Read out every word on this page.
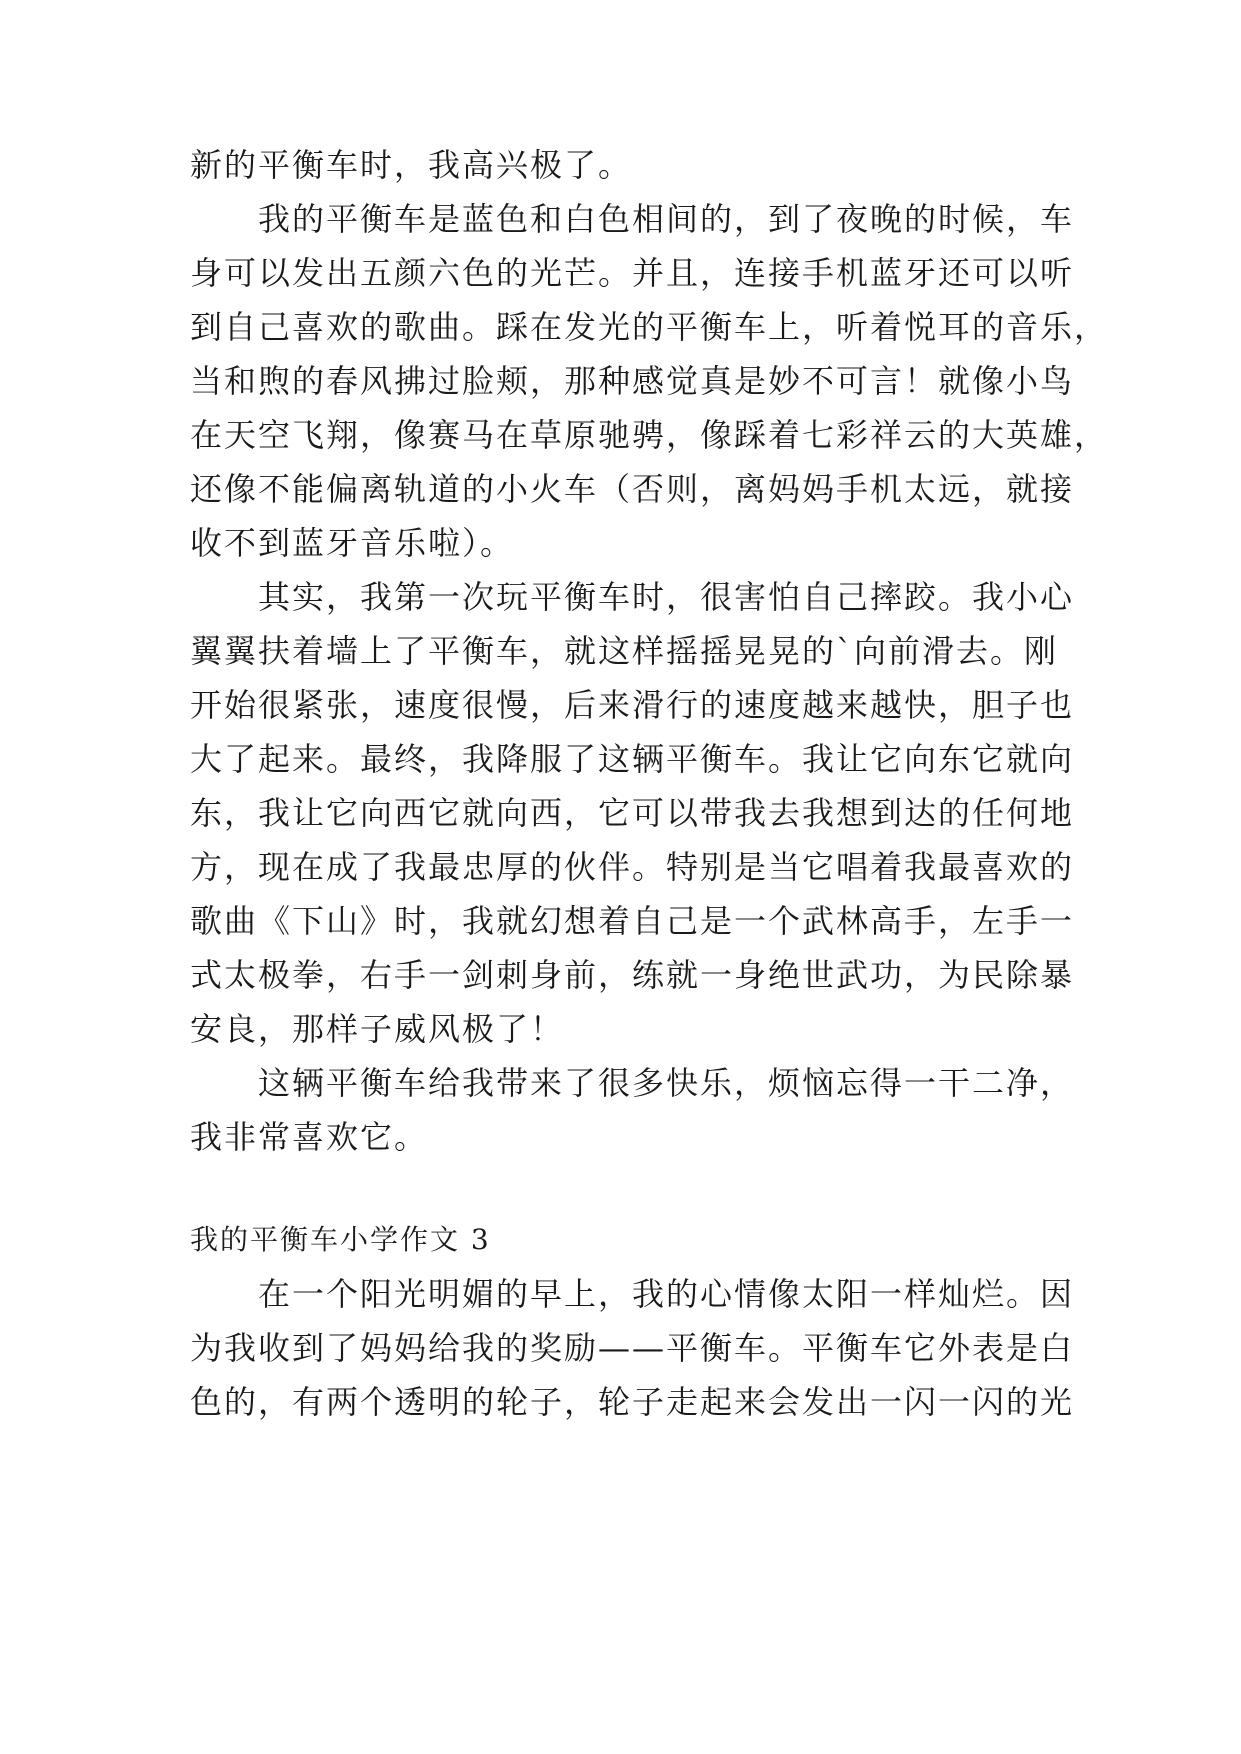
新的平衡车时，我高兴极了。
我的平衡车是蓝色和白色相间的，到了夜晚的时候，车
身可以发出五颜六色的光芒。并且，连接手机蓝牙还可以听
到自己喜欢的歌曲。踩在发光的平衡车上，听着悦耳的音乐，
当和煦的春风拂过脸颊，那种感觉真是妙不可言！就像小鸟
在天空飞翔，像赛马在草原驰骋，像踩着七彩祥云的大英雄，
还像不能偏离轨道的小火车（否则，离妈妈手机太远，就接
收不到蓝牙音乐啦）。
其实，我第一次玩平衡车时，很害怕自己摔跤。我小心
翼翼扶着墙上了平衡车，就这样摇摇晃晃的`向前滑去。刚
开始很紧张，速度很慢，后来滑行的速度越来越快，胆子也
大了起来。最终，我降服了这辆平衡车。我让它向东它就向
东，我让它向西它就向西，它可以带我去我想到达的任何地
方，现在成了我最忠厚的伙伴。特别是当它唱着我最喜欢的
歌曲《下山》时，我就幻想着自己是一个武林高手，左手一
式太极拳，右手一剑刺身前，练就一身绝世武功，为民除暴
安良，那样子威风极了！
这辆平衡车给我带来了很多快乐，烦恼忘得一干二净，
我非常喜欢它。
我的平衡车小学作文 3
在一个阳光明媚的早上，我的心情像太阳一样灿烂。因
为我收到了妈妈给我的奖励——平衡车。平衡车它外表是白
色的，有两个透明的轮子，轮子走起来会发出一闪一闪的光
